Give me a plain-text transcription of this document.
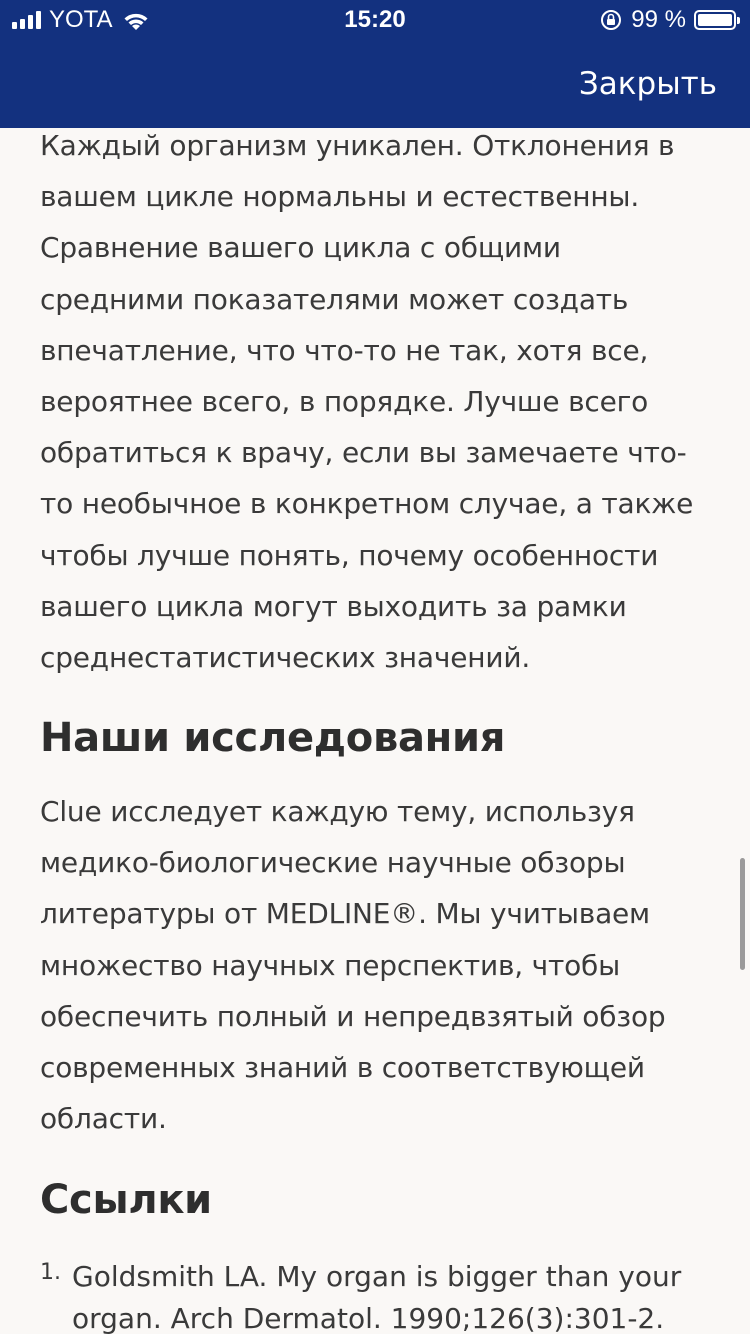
YOTA	15:20	99 %
Закрыть

Каждый организм уникален. Отклонения в вашем цикле нормальны и естественны. Сравнение вашего цикла с общими средними показателями может создать впечатление, что что-то не так, хотя все, вероятнее всего, в порядке. Лучше всего обратиться к врачу, если вы замечаете что-то необычное в конкретном случае, а также чтобы лучше понять, почему особенности вашего цикла могут выходить за рамки среднестатистических значений.

Наши исследования

Clue исследует каждую тему, используя медико-биологические научные обзоры литературы от MEDLINE®. Мы учитываем множество научных перспектив, чтобы обеспечить полный и непредвзятый обзор современных знаний в соответствующей области.

Ссылки
1. Goldsmith LA. My organ is bigger than your organ. Arch Dermatol. 1990;126(3):301-2.
